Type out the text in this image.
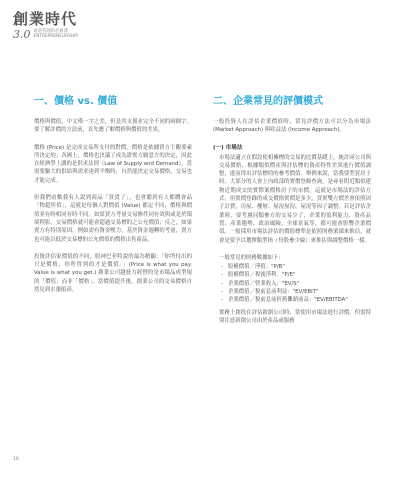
創業時代
3.0 財富管理的必修課
ENTREPRENEURSHIP
一、價格 vs. 價值

價格與價值，中文僅一字之差，但是其支援並完全不同的兩個字。要了解評價的方法前，首先應了解價格與價值的差異。

價格 (Price) 是完成交易所支付的對價，價格是依據買方主觀要素所決定的；各國上，價格也決議了成為證實方願意方的決定，因此在經濟學上講的是供求法則（Law of Supply and Demand）。當需要驅大的供給與需求達到平衡時，自然能決定交易價格，交易也才能完成。

但我們看數我有人說到商品「買貴了」，也會聽到有人都體會品「物超所值」，這就是每個人對價值 (Value) 都定不同，價格與價值並有時相同有時不同。如果買方考量交易條件同有效與或是於環境程影，交易價格就可能會超過交易標的之公允價值；反之，如果賣方有特別原因，例如需有資金壓力，基於資金週轉的考量，賣方也可能以低於交易標的公允價值的價格出售商品。

投資評估家價值的不同，股神巴菲特說的最為精闢：「你所付出的只是價格，你所得到的才是價值。」(Price is what you pay. Value is what you get.) 創業公司越發力經營的是市場品成型規的「價值」而非「價格」，當價值提升後，創業公司的交易價格自然見到水漲船高。

二、企業常見的評價模式

一般投資人在評估企業價值時，常見評價方法可以分為市場法 (Market Approach) 與收益法 (Income Approach)。

(一) 市場法

市場法適立在假設使相擁標的交易的比價基礎上，統計同公司與交易價格，根據類似價產與評估標的資產特性差異進行價值調整，進而得出評估標的的參考價值。舉例來說，當我要型買房子時，大部分的人會上內政部的實價登錄查詢，是尋看附近類似建物近期成交的實際案價格房子的市價，這就是市場法的評估方式。但實價登錄的成交價格實價是多少，買賣雙方價差會依照因子計費，房屋、樓層、屋況屋況、屋況等因子調整。若是評估企業時，要考慮同類參方的交易少了，企業的盈利能力、資產品質、產業趨勢、政治風險、全球景氣等，都可能會影響企業價值。一般採用市場法評估的價值標準是依照財務業績來推估，就會是要予以選擇類型指（每股參少線）來推估與調整價格一樣。

一般常見的財務數據如下：

- 股權價值／淨值："P/B"
- 股權價值／稅後淨利："P/E"
- 企業價值／營業收入："EV/S"
- 企業價值／稅前息前利益："EV/EBIT"
- 企業價值／稅前息前折舊攤銷前益："EV/EBITDA"

實務上創投在評估新創公司時，常使用市場法進行評價。但需特別注意新創公司由於產品或服務

16
